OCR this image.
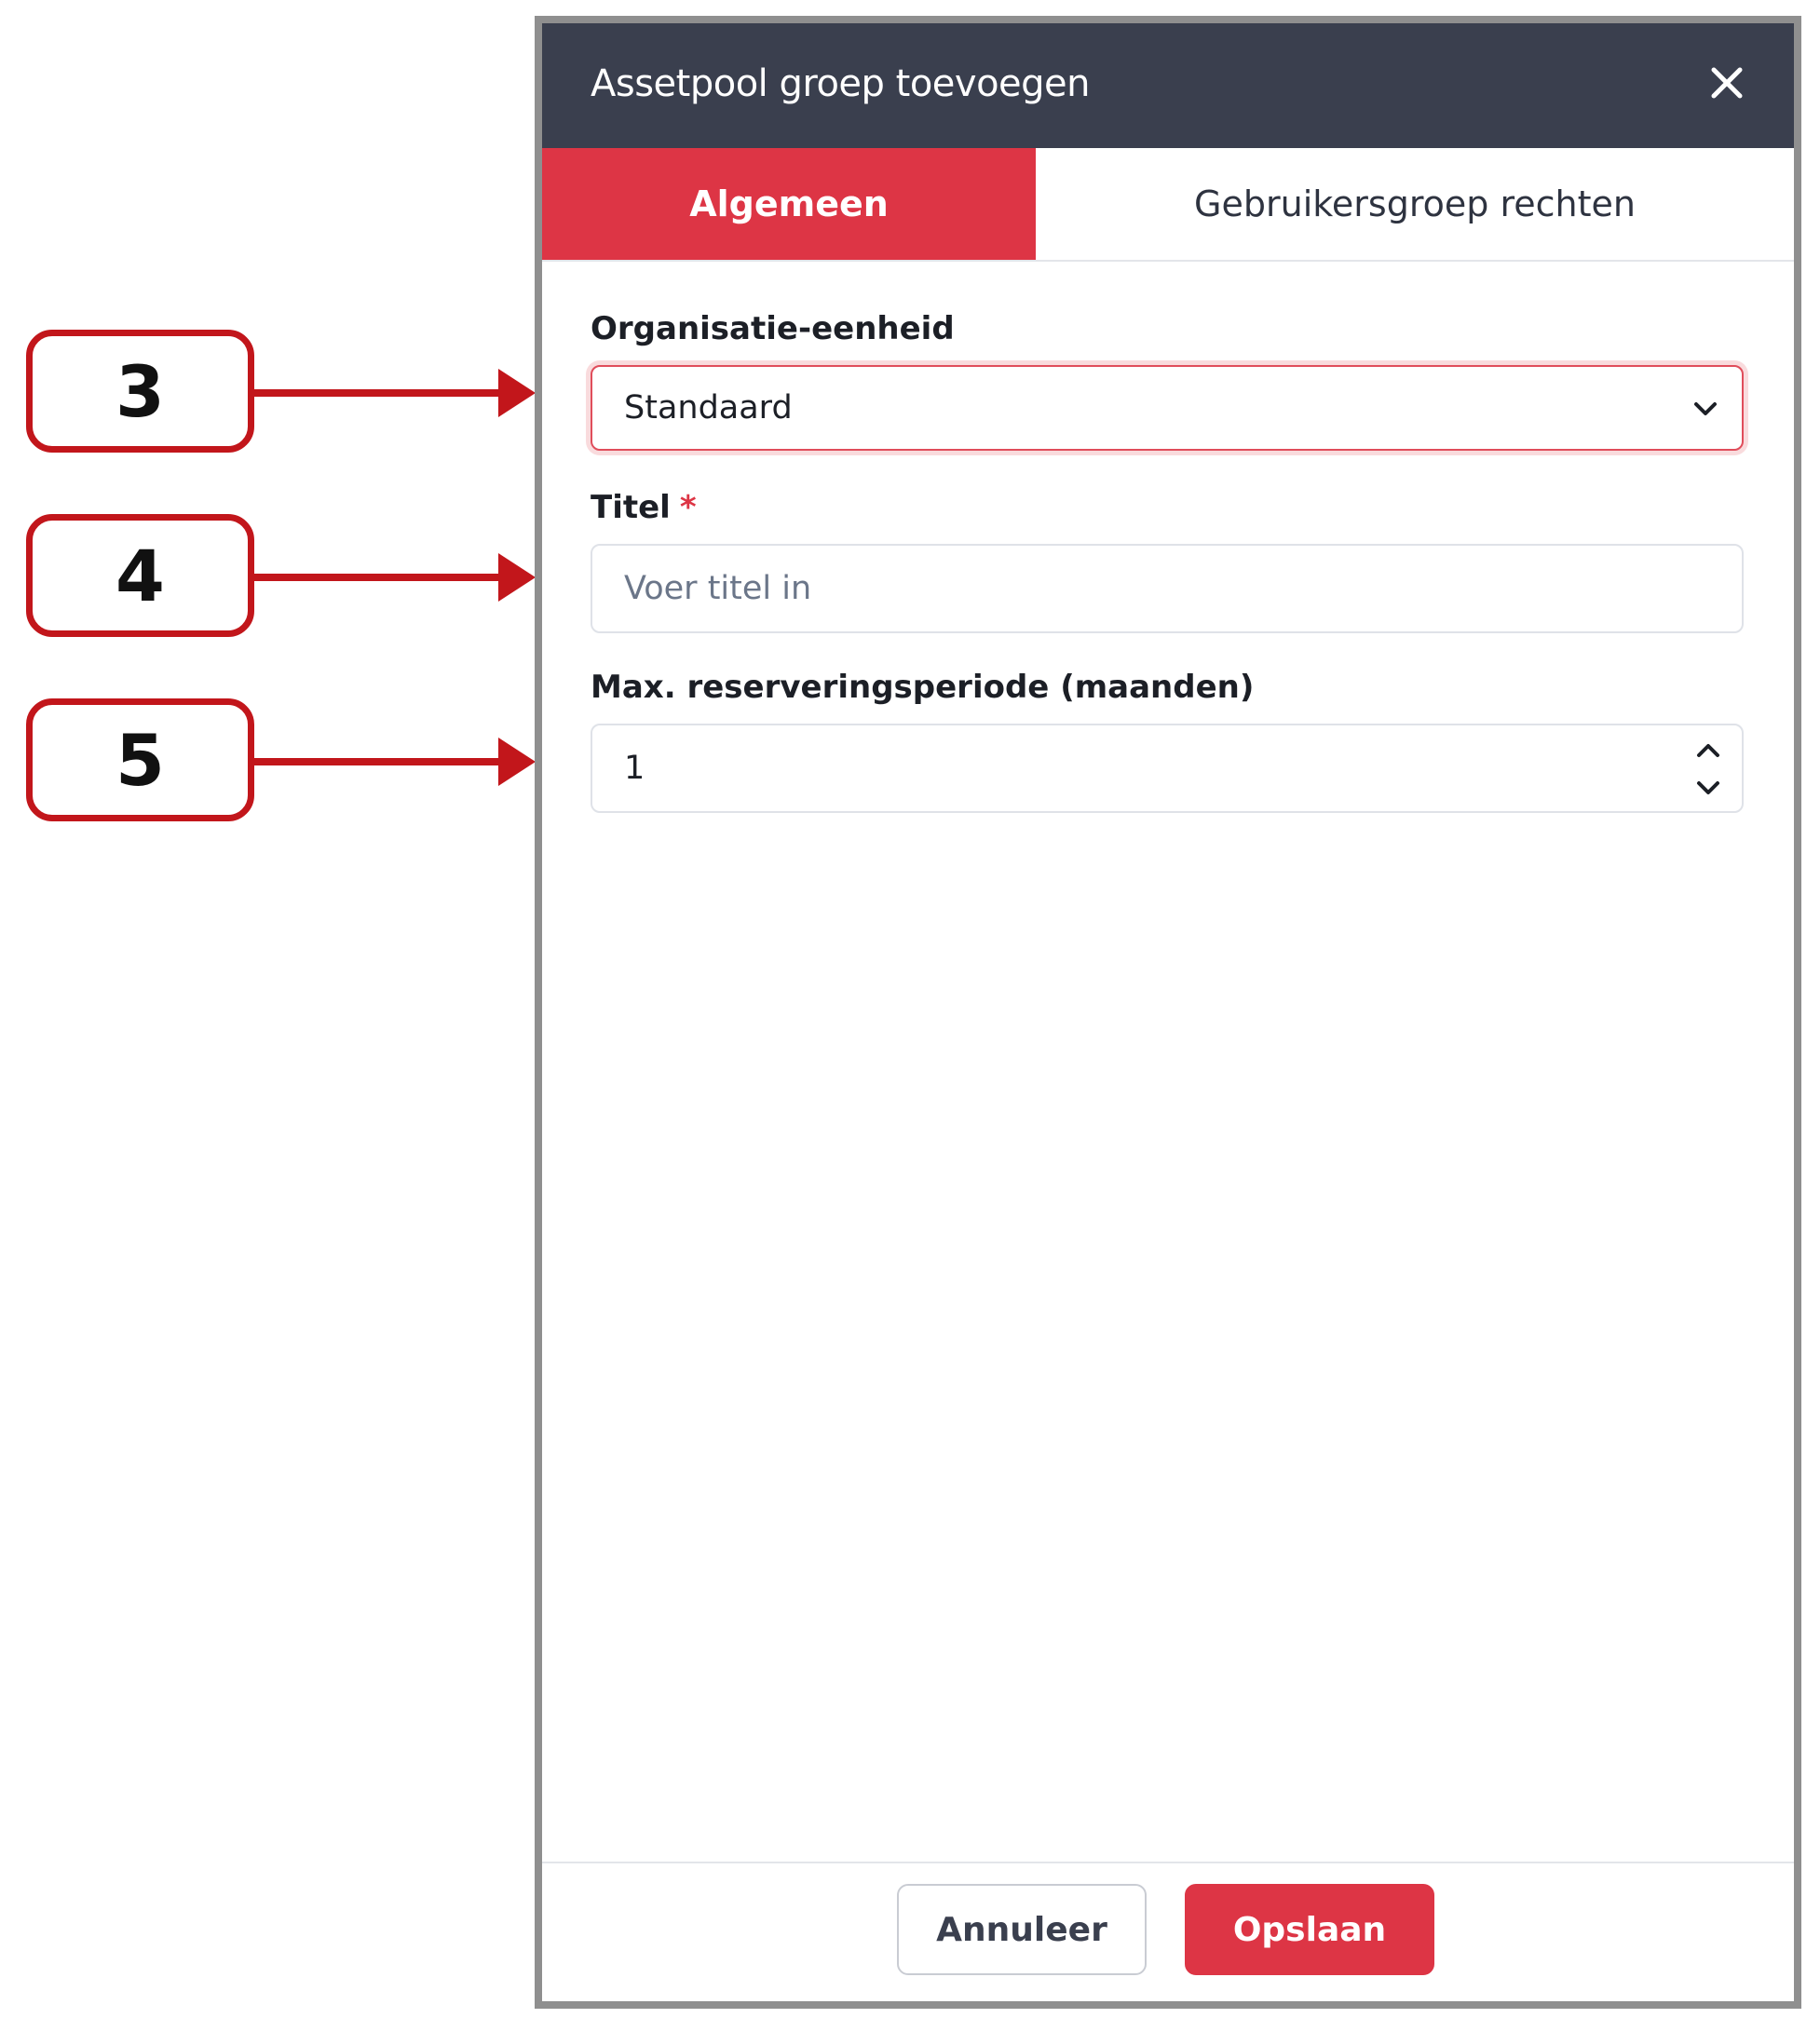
3
4
5
Assetpool groep toevoegen
Algemeen	Gebruikersgroep rechten
Organisatie-eenheid
Standaard
Titel *
Voer titel in
Max. reserveringsperiode (maanden)
1
Annuleer	Opslaan
